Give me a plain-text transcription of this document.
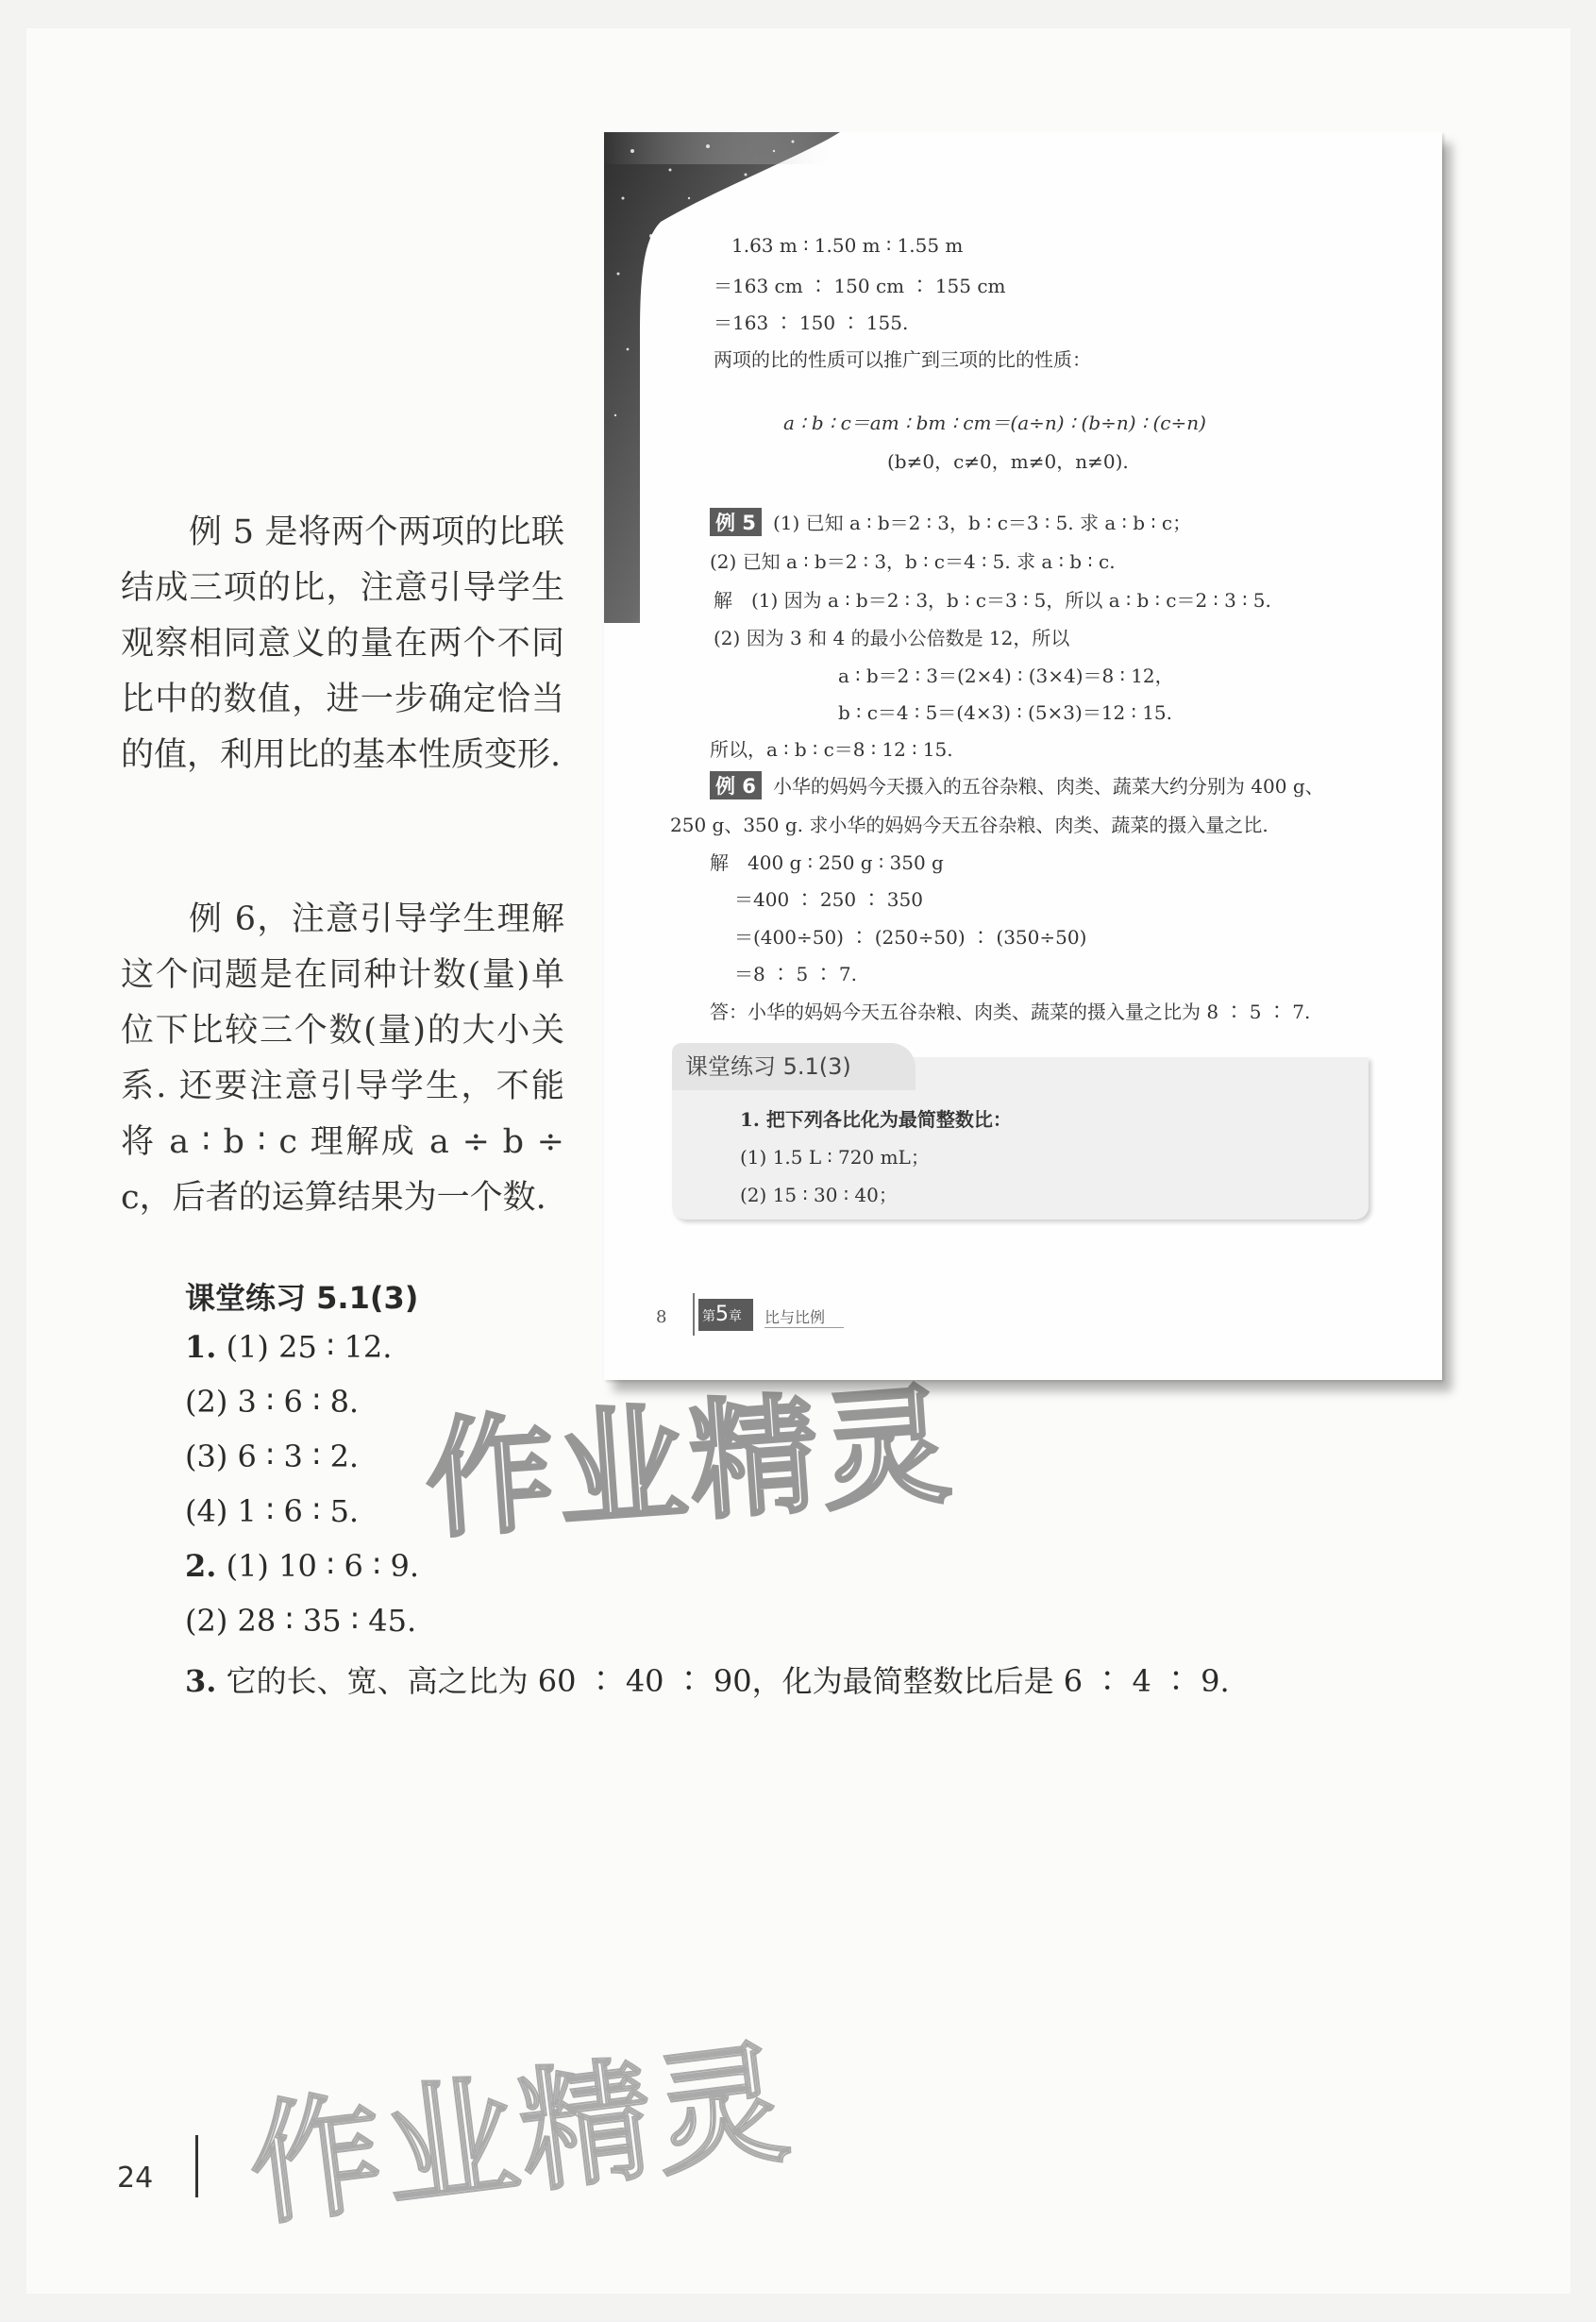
例 5 是将两个两项的比联结成三项的比，注意引导学生观察相同意义的量在两个不同比中的数值，进一步确定恰当的值，利用比的基本性质变形.

例 6，注意引导学生理解这个问题是在同种计数(量)单位下比较三个数(量)的大小关系. 还要注意引导学生，不能将 a ∶ b ∶ c 理解成 a ÷ b ÷ c，后者的运算结果为一个数.

1.63 m ∶ 1.50 m ∶ 1.55 m
＝163 cm ∶ 150 cm ∶ 155 cm
＝163 ∶ 150 ∶ 155.
两项的比的性质可以推广到三项的比的性质：
a ∶ b ∶ c＝am ∶ bm ∶ cm＝(a÷n) ∶ (b÷n) ∶ (c÷n)
(b≠0，c≠0，m≠0，n≠0).
例 5 (1) 已知 a ∶ b＝2 ∶ 3，b ∶ c＝3 ∶ 5. 求 a ∶ b ∶ c；
(2) 已知 a ∶ b＝2 ∶ 3，b ∶ c＝4 ∶ 5. 求 a ∶ b ∶ c.
解　(1) 因为 a ∶ b＝2 ∶ 3，b ∶ c＝3 ∶ 5，所以 a ∶ b ∶ c＝2 ∶ 3 ∶ 5.
(2) 因为 3 和 4 的最小公倍数是 12，所以
a ∶ b＝2 ∶ 3＝(2×4) ∶ (3×4)＝8 ∶ 12，
b ∶ c＝4 ∶ 5＝(4×3) ∶ (5×3)＝12 ∶ 15.
所以，a ∶ b ∶ c＝8 ∶ 12 ∶ 15.
例 6 小华的妈妈今天摄入的五谷杂粮、肉类、蔬菜大约分别为 400 g、
250 g、350 g. 求小华的妈妈今天五谷杂粮、肉类、蔬菜的摄入量之比.
解　400 g ∶ 250 g ∶ 350 g
＝400 ∶ 250 ∶ 350
＝(400÷50) ∶ (250÷50) ∶ (350÷50)
＝8 ∶ 5 ∶ 7.
答：小华的妈妈今天五谷杂粮、肉类、蔬菜的摄入量之比为 8 ∶ 5 ∶ 7.
课堂练习 5.1(3)
1. 把下列各比化为最简整数比：
(1) 1.5 L ∶ 720 mL；
(2) 15 ∶ 30 ∶ 40；
8	第5章	比与比例
课堂练习 5.1(3)
1. (1) 25 ∶ 12.
(2) 3 ∶ 6 ∶ 8.
(3) 6 ∶ 3 ∶ 2.
(4) 1 ∶ 6 ∶ 5.
2. (1) 10 ∶ 6 ∶ 9.
(2) 28 ∶ 35 ∶ 45.
3. 它的长、宽、高之比为 60 ∶ 40 ∶ 90，化为最简整数比后是 6 ∶ 4 ∶ 9.
作业精灵
作业精灵
24
